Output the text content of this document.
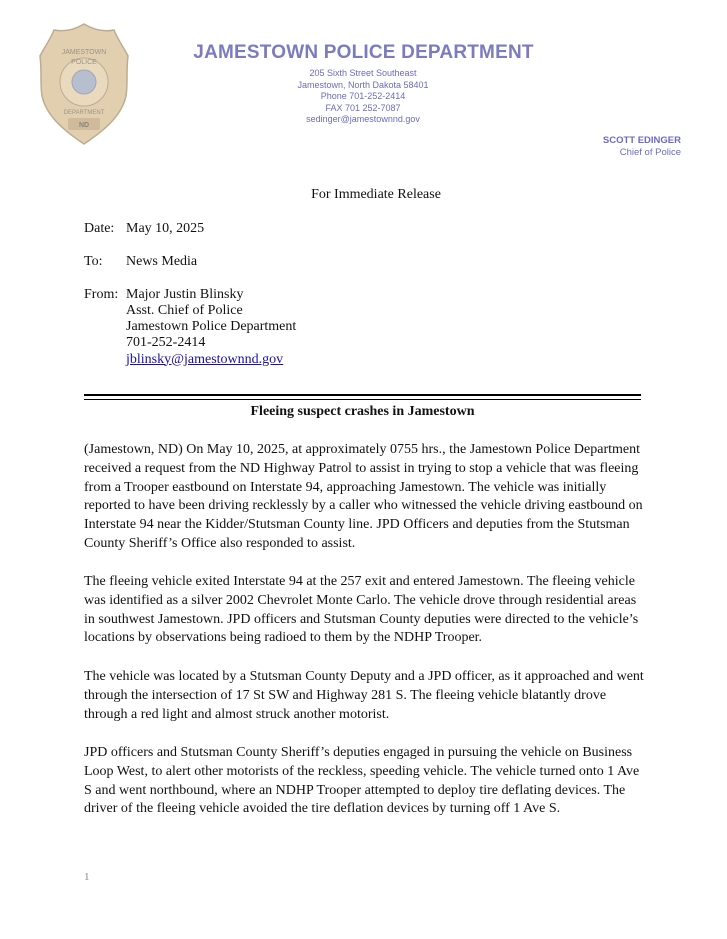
JAMESTOWN
POLICE
DEPARTMENT
ND
JAMESTOWN POLICE DEPARTMENT
205 Sixth Street Southeast
Jamestown, North Dakota 58401
Phone 701-252-2414
FAX 701 252-7087
sedinger@jamestownnd.gov
SCOTT EDINGER
Chief of Police
For Immediate Release
Date: May 10, 2025
To: News Media
From: Major Justin Blinsky
Asst. Chief of Police
Jamestown Police Department
701-252-2414
jblinsky@jamestownnd.gov
Fleeing suspect crashes in Jamestown
(Jamestown, ND) On May 10, 2025, at approximately 0755 hrs., the Jamestown Police Department received a request from the ND Highway Patrol to assist in trying to stop a vehicle that was fleeing from a Trooper eastbound on Interstate 94, approaching Jamestown. The vehicle was initially reported to have been driving recklessly by a caller who witnessed the vehicle driving eastbound on Interstate 94 near the Kidder/Stutsman County line. JPD Officers and deputies from the Stutsman County Sheriff’s Office also responded to assist.
The fleeing vehicle exited Interstate 94 at the 257 exit and entered Jamestown. The fleeing vehicle was identified as a silver 2002 Chevrolet Monte Carlo. The vehicle drove through residential areas in southwest Jamestown. JPD officers and Stutsman County deputies were directed to the vehicle’s locations by observations being radioed to them by the NDHP Trooper.
The vehicle was located by a Stutsman County Deputy and a JPD officer, as it approached and went through the intersection of 17 St SW and Highway 281 S. The fleeing vehicle blatantly drove through a red light and almost struck another motorist.
JPD officers and Stutsman County Sheriff’s deputies engaged in pursuing the vehicle on Business Loop West, to alert other motorists of the reckless, speeding vehicle. The vehicle turned onto 1 Ave S and went northbound, where an NDHP Trooper attempted to deploy tire deflating devices. The driver of the fleeing vehicle avoided the tire deflation devices by turning off 1 Ave S.
1
